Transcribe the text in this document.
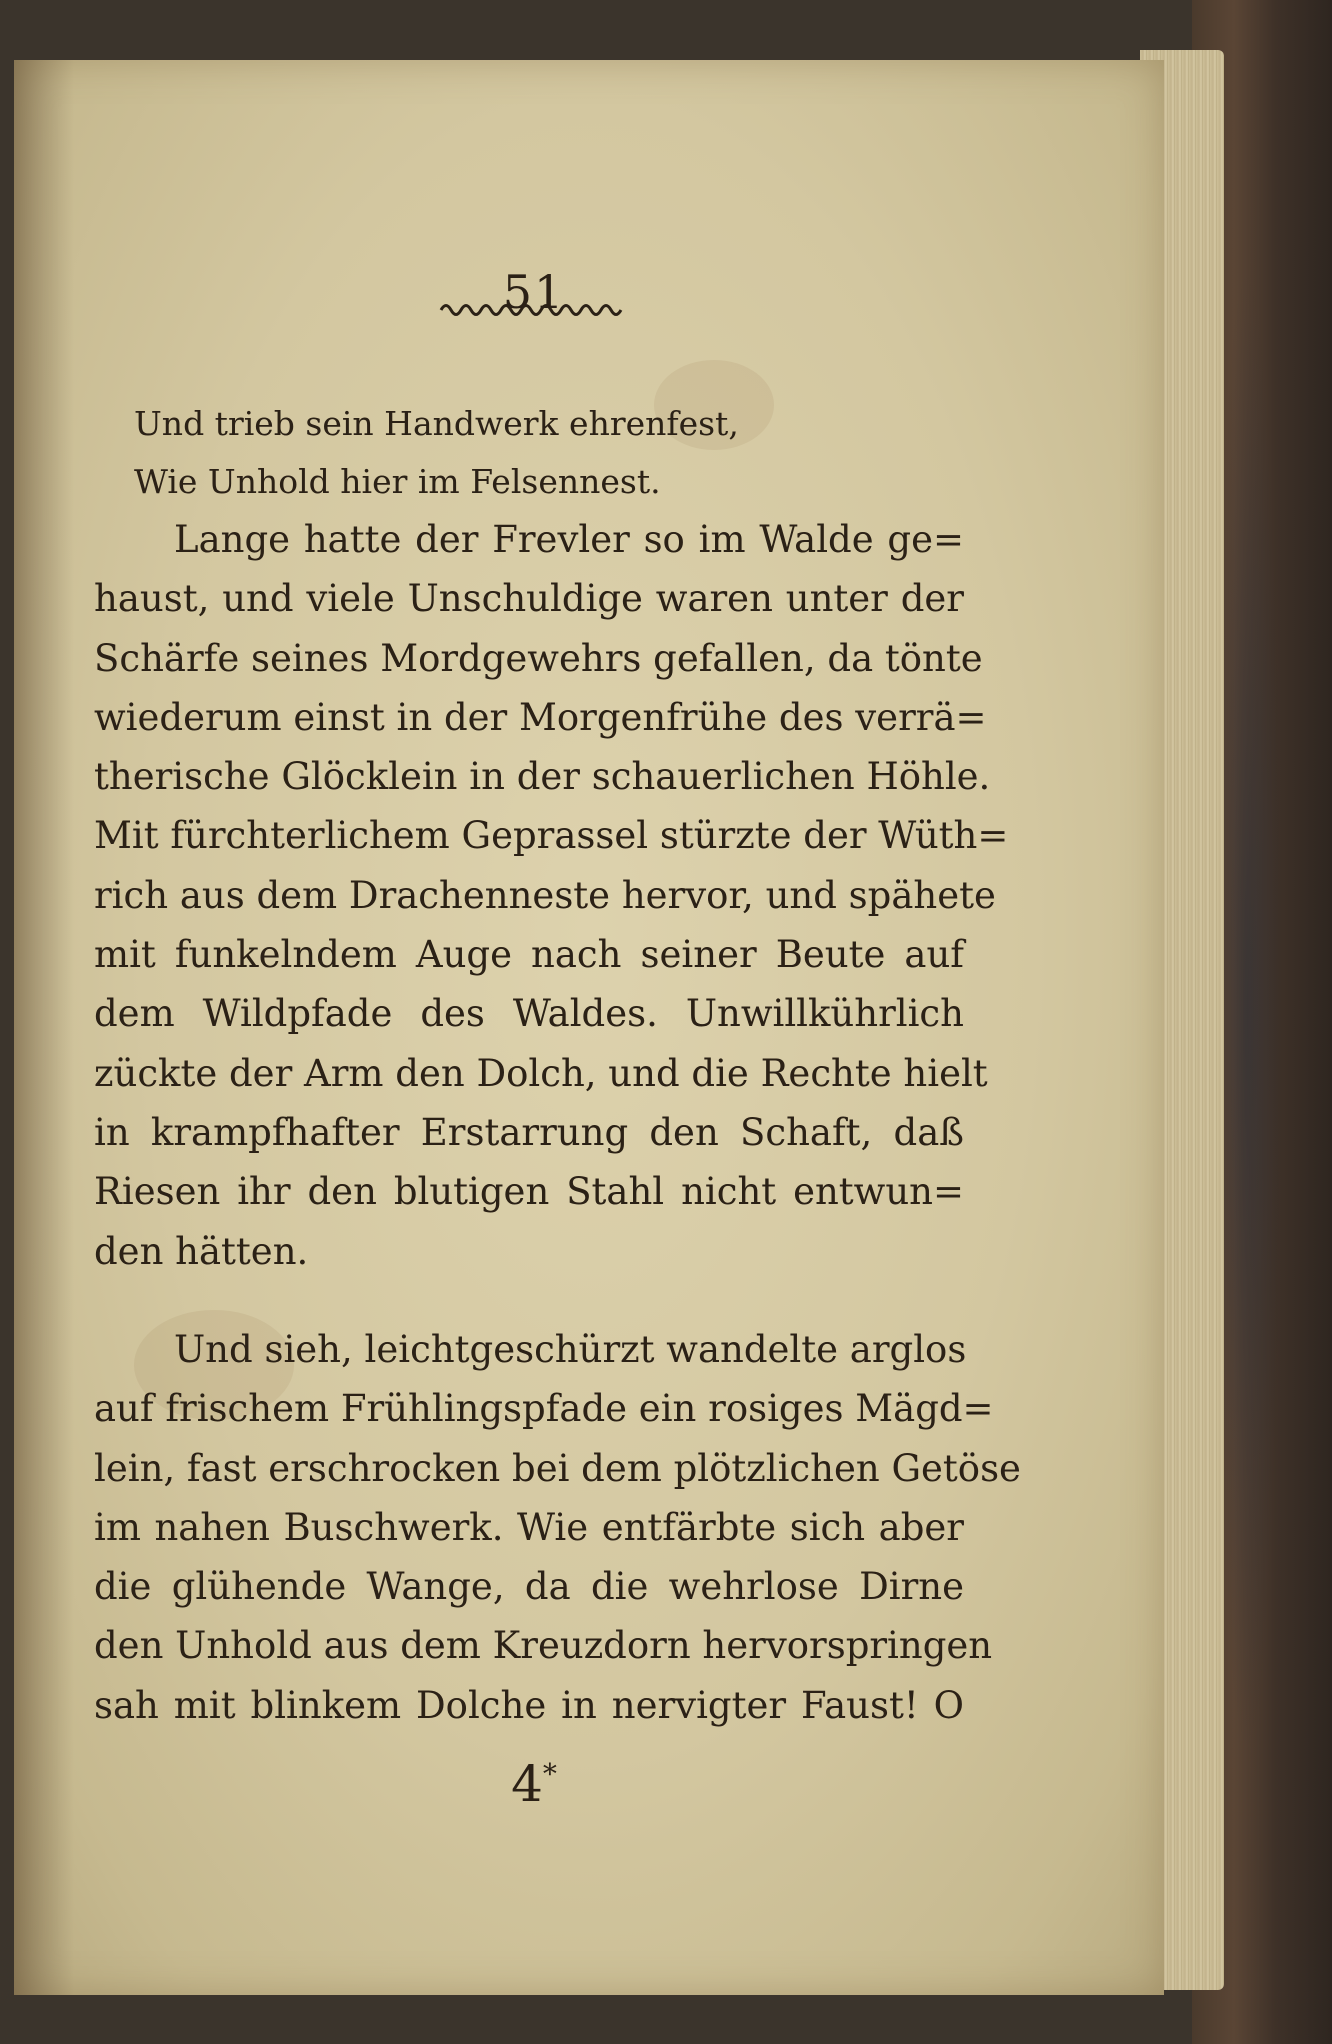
51
Und trieb sein Handwerk ehrenfest,
Wie Unhold hier im Felsennest.
Lange hatte der Frevler so im Walde ge=
haust, und viele Unschuldige waren unter der
Schärfe seines Mordgewehrs gefallen, da tönte
wiederum einst in der Morgenfrühe des verrä=
therische Glöcklein in der schauerlichen Höhle.
Mit fürchterlichem Geprassel stürzte der Wüth=
rich aus dem Drachenneste hervor, und spähete
mit funkelndem Auge nach seiner Beute auf
dem Wildpfade des Waldes. Unwillkührlich
zückte der Arm den Dolch, und die Rechte hielt
in krampfhafter Erstarrung den Schaft, daß
Riesen ihr den blutigen Stahl nicht entwun=
den hätten.
Und sieh, leichtgeschürzt wandelte arglos
auf frischem Frühlingspfade ein rosiges Mägd=
lein, fast erschrocken bei dem plötzlichen Getöse
im nahen Buschwerk. Wie entfärbte sich aber
die glühende Wange, da die wehrlose Dirne
den Unhold aus dem Kreuzdorn hervorspringen
sah mit blinkem Dolche in nervigter Faust! O
4*
